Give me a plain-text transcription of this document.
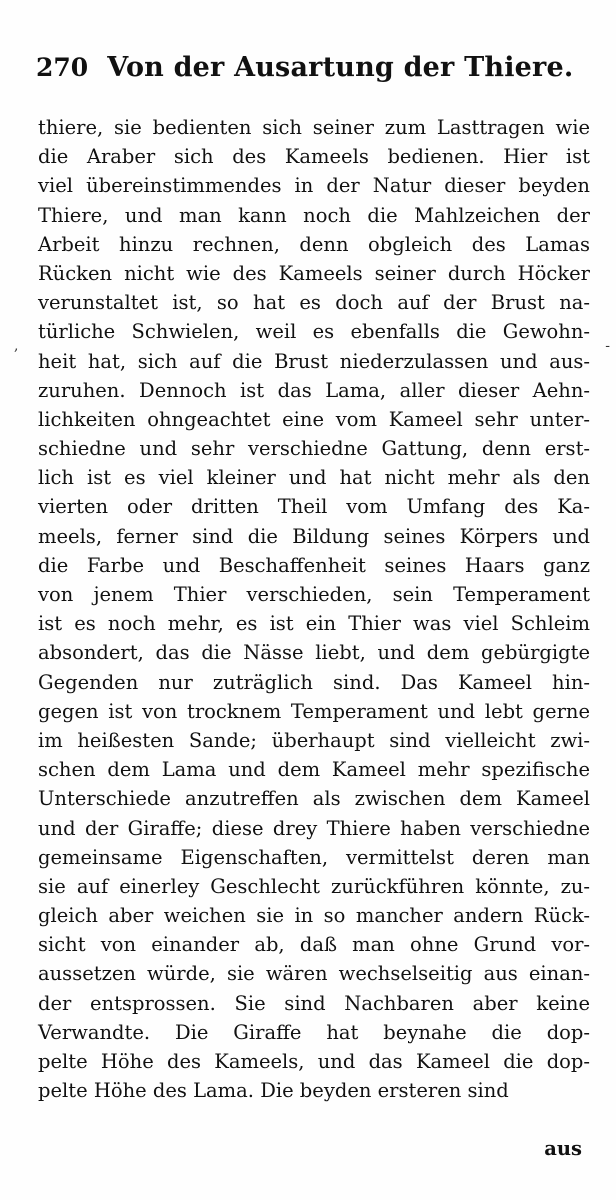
270 Von der Ausartung der Thiere.
,	-
thiere, sie bedienten sich seiner zum Lasttragen wie
die Araber sich des Kameels bedienen. Hier ist
viel übereinstimmendes in der Natur dieser beyden
Thiere, und man kann noch die Mahlzeichen der
Arbeit hinzu rechnen, denn obgleich des Lamas
Rücken nicht wie des Kameels seiner durch Höcker
verunstaltet ist, so hat es doch auf der Brust na-
türliche Schwielen, weil es ebenfalls die Gewohn-
heit hat, sich auf die Brust niederzulassen und aus-
zuruhen. Dennoch ist das Lama, aller dieser Aehn-
lichkeiten ohngeachtet eine vom Kameel sehr unter-
schiedne und sehr verschiedne Gattung, denn erst-
lich ist es viel kleiner und hat nicht mehr als den
vierten oder dritten Theil vom Umfang des Ka-
meels, ferner sind die Bildung seines Körpers und
die Farbe und Beschaffenheit seines Haars ganz
von jenem Thier verschieden, sein Temperament
ist es noch mehr, es ist ein Thier was viel Schleim
absondert, das die Nässe liebt, und dem gebürgigte
Gegenden nur zuträglich sind. Das Kameel hin-
gegen ist von trocknem Temperament und lebt gerne
im heißesten Sande; überhaupt sind vielleicht zwi-
schen dem Lama und dem Kameel mehr spezifische
Unterschiede anzutreffen als zwischen dem Kameel
und der Giraffe; diese drey Thiere haben verschiedne
gemeinsame Eigenschaften, vermittelst deren man
sie auf einerley Geschlecht zurückführen könnte, zu-
gleich aber weichen sie in so mancher andern Rück-
sicht von einander ab, daß man ohne Grund vor-
aussetzen würde, sie wären wechselseitig aus einan-
der entsprossen. Sie sind Nachbaren aber keine
Verwandte. Die Giraffe hat beynahe die dop-
pelte Höhe des Kameels, und das Kameel die dop-
pelte Höhe des Lama. Die beyden ersteren sind
aus
